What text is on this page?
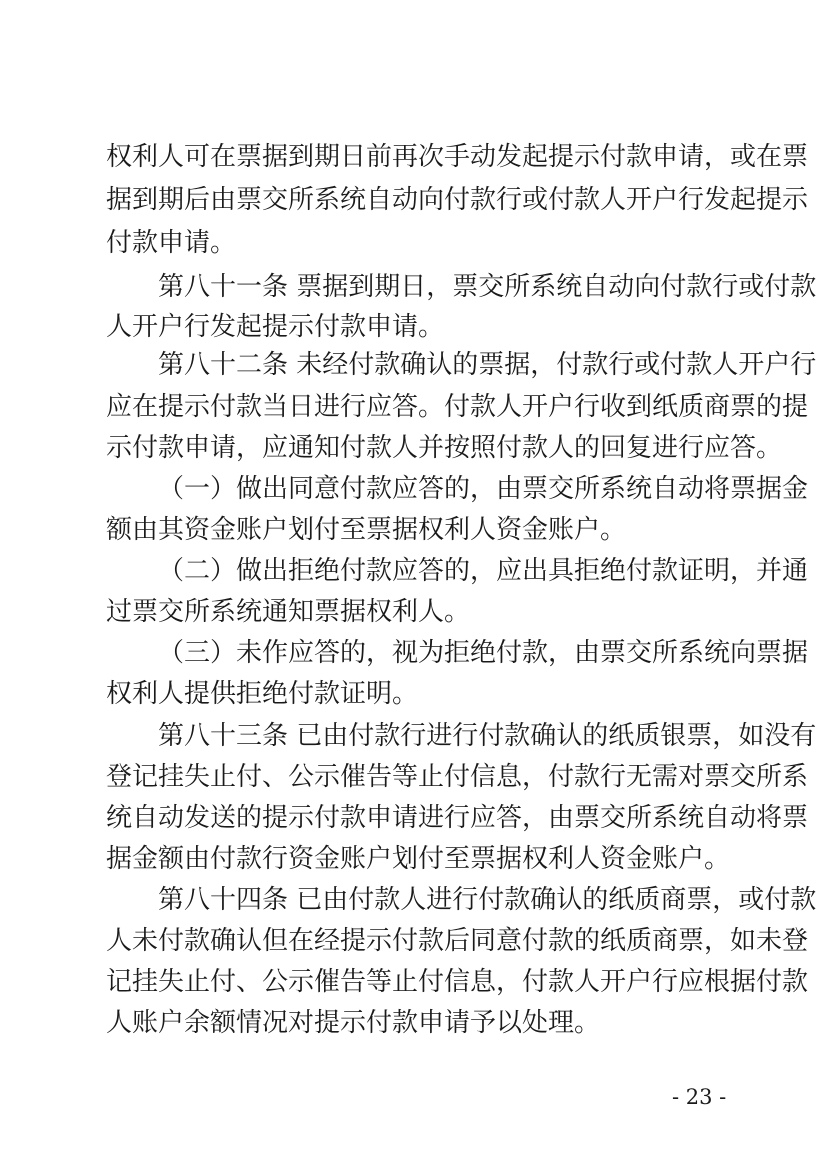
权利人可在票据到期日前再次手动发起提示付款申请，或在票
据到期后由票交所系统自动向付款行或付款人开户行发起提示
付款申请。
第八十一条 票据到期日，票交所系统自动向付款行或付款
人开户行发起提示付款申请。
第八十二条 未经付款确认的票据，付款行或付款人开户行
应在提示付款当日进行应答。付款人开户行收到纸质商票的提
示付款申请，应通知付款人并按照付款人的回复进行应答。
（一）做出同意付款应答的，由票交所系统自动将票据金
额由其资金账户划付至票据权利人资金账户。
（二）做出拒绝付款应答的，应出具拒绝付款证明，并通
过票交所系统通知票据权利人。
（三）未作应答的，视为拒绝付款，由票交所系统向票据
权利人提供拒绝付款证明。
第八十三条 已由付款行进行付款确认的纸质银票，如没有
登记挂失止付、公示催告等止付信息，付款行无需对票交所系
统自动发送的提示付款申请进行应答，由票交所系统自动将票
据金额由付款行资金账户划付至票据权利人资金账户。
第八十四条 已由付款人进行付款确认的纸质商票，或付款
人未付款确认但在经提示付款后同意付款的纸质商票，如未登
记挂失止付、公示催告等止付信息，付款人开户行应根据付款
人账户余额情况对提示付款申请予以处理。
- 23 -
